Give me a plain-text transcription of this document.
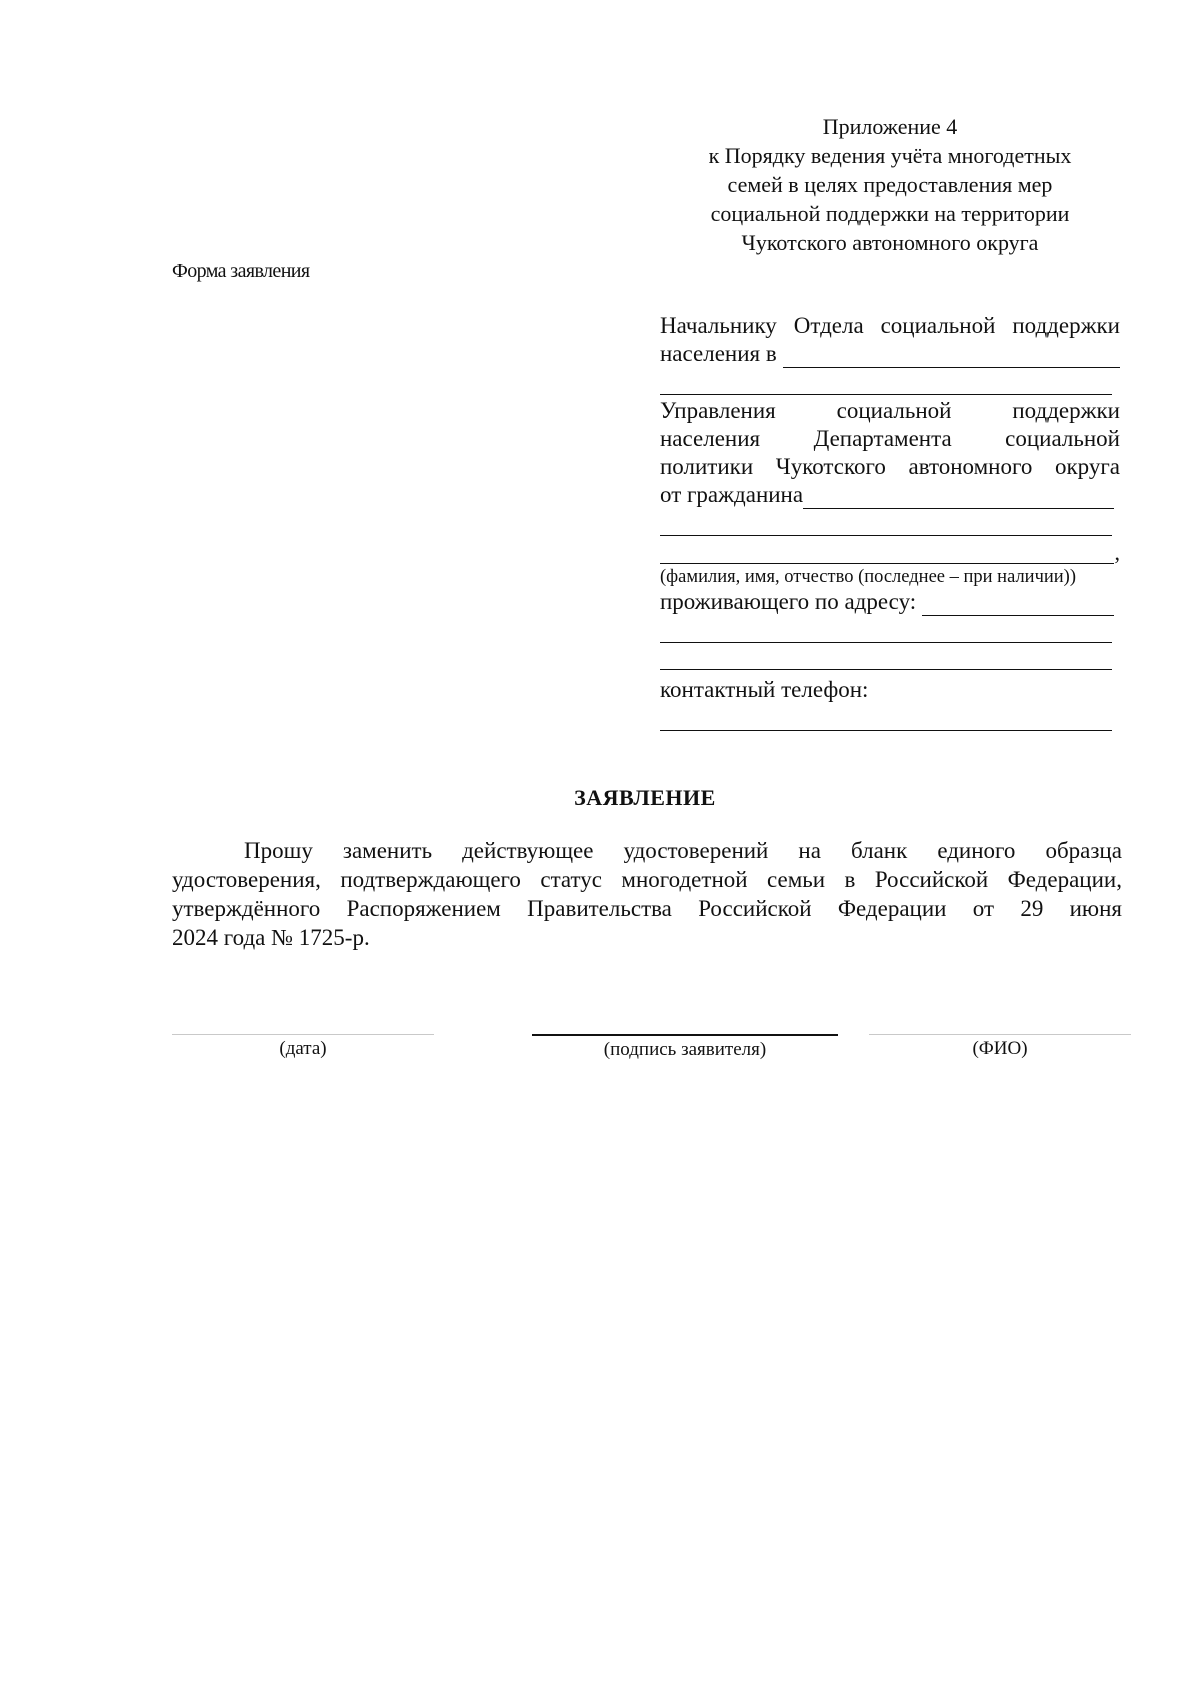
Приложение 4
к Порядку ведения учёта многодетных
семей в целях предоставления мер
социальной поддержки на территории
Чукотского автономного округа
Форма заявления
Начальнику Отдела социальной поддержки
населения в
Управления	социальной	поддержки
населения Департамента социальной
политики Чукотского автономного округа
от гражданина
,
(фамилия, имя, отчество (последнее – при наличии))
проживающего по адресу:
контактный телефон:
ЗАЯВЛЕНИЕ
Прошу заменить действующее удостоверений на бланк единого образца
удостоверения, подтверждающего статус многодетной семьи в Российской Федерации,
утверждённого Распоряжением Правительства Российской Федерации от 29 июня
2024 года № 1725-р.
(дата)	(подпись заявителя)	(ФИО)
